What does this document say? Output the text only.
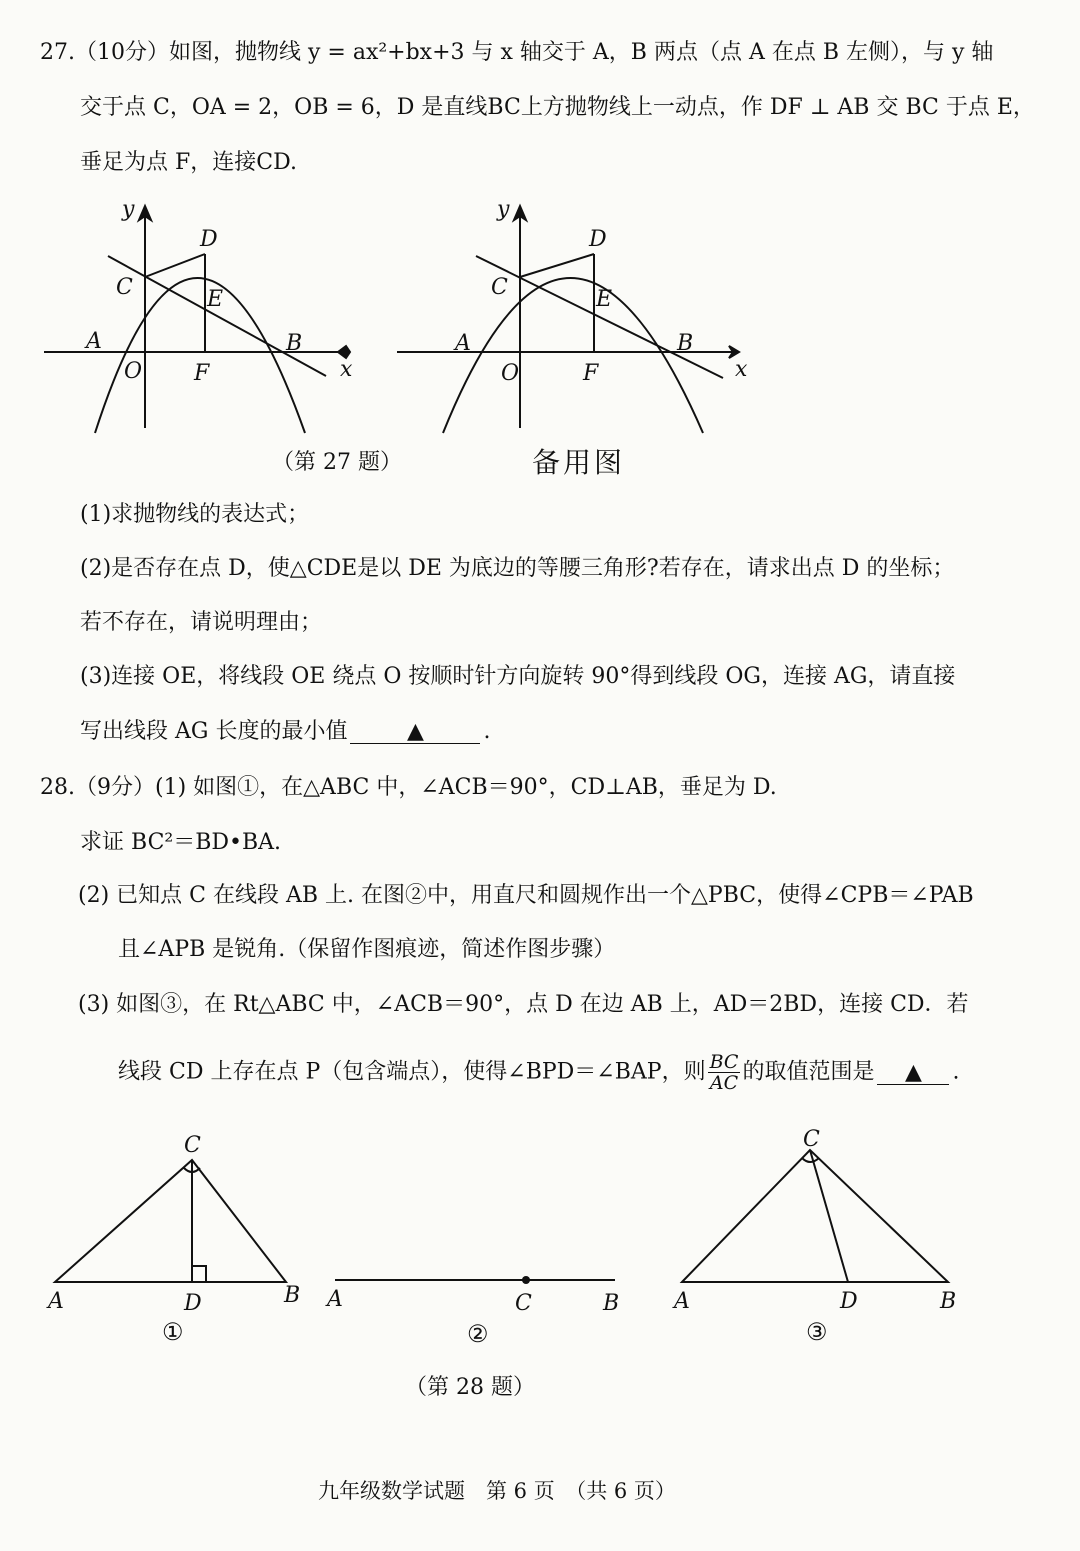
27.（10分）如图，抛物线 y = ax²+bx+3 与 x 轴交于 A，B 两点（点 A 在点 B 左侧），与 y 轴
交于点 C，OA = 2，OB = 6，D 是直线BC上方抛物线上一动点，作 DF ⊥ AB 交 BC 于点 E，
垂足为点 F，连接CD.
y
D
C	E
A	B
O F	x
y
D
C	E
A	B
O	F	x
（第 27 题）	备用图
(1)求抛物线的表达式；
(2)是否存在点 D，使△CDE是以 DE 为底边的等腰三角形?若存在，请求出点 D 的坐标；
若不存在，请说明理由；
(3)连接 OE，将线段 OE 绕点 O 按顺时针方向旋转 90°得到线段 OG，连接 AG，请直接
写出线段 AG 长度的最小值	▲	.
28.（9分）(1) 如图①，在△ABC 中，∠ACB＝90°，CD⊥AB，垂足为 D.
求证 BC²＝BD•BA.
(2) 已知点 C 在线段 AB 上. 在图②中，用直尺和圆规作出一个△PBC，使得∠CPB＝∠PAB
且∠APB 是锐角.（保留作图痕迹，简述作图步骤）
(3) 如图③，在 Rt△ABC 中，∠ACB＝90°，点 D 在边 AB 上，AD＝2BD，连接 CD．若
线段 CD 上存在点 P（包含端点），使得∠BPD＝∠BAP，则 $\frac{BC}{AC}$ 的取值范围是 ▲ .
C
A	D	B
①
A	C	B
②
C
A	D	B
③
（第 28 题）
九年级数学试题　第 6 页　（共 6 页）
